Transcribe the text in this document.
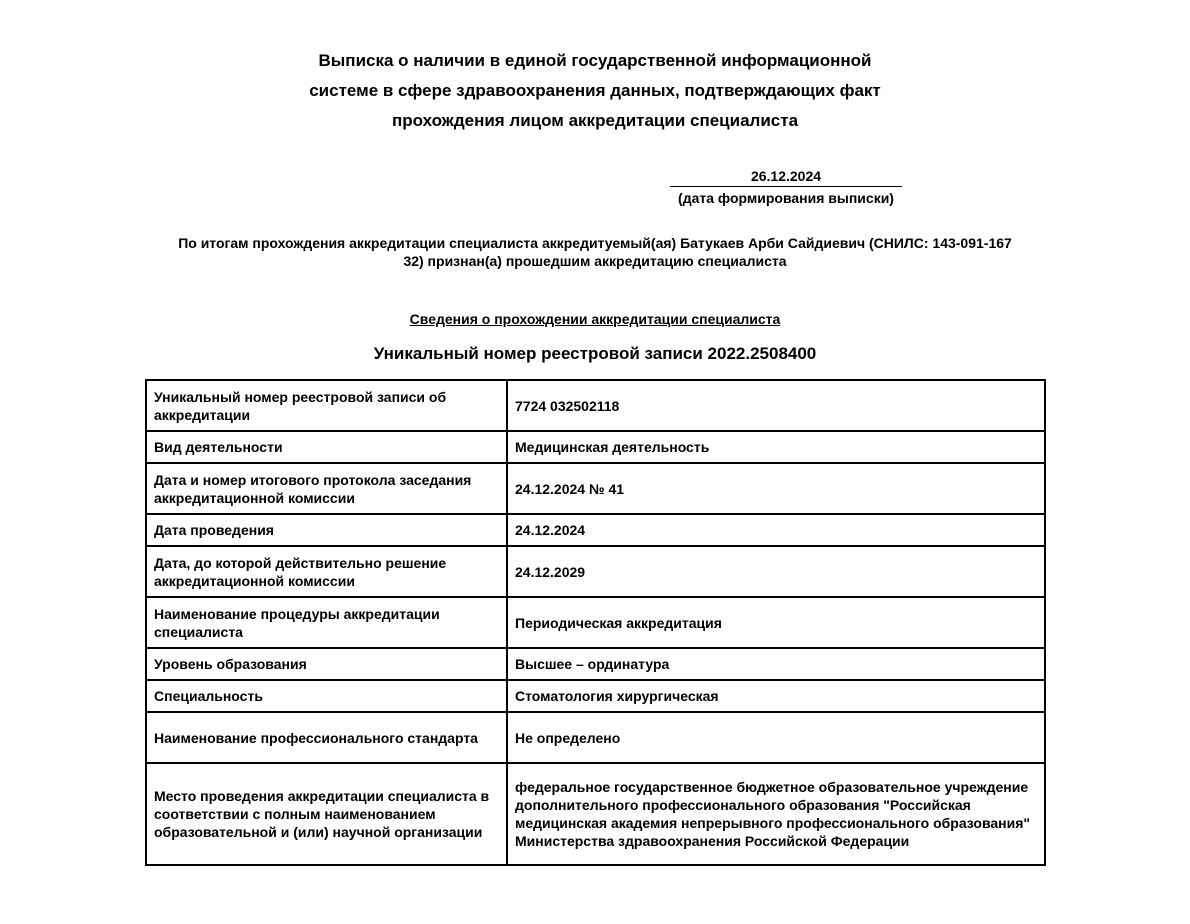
Выписка о наличии в единой государственной информационной
системе в сфере здравоохранения данных, подтверждающих факт
прохождения лицом аккредитации специалиста
26.12.2024
(дата формирования выписки)
По итогам прохождения аккредитации специалиста аккредитуемый(ая) Батукаев Арби Сайдиевич (СНИЛС: 143-091-167
32) признан(а) прошедшим аккредитацию специалиста
Сведения о прохождении аккредитации специалиста
Уникальный номер реестровой записи 2022.2508400
Уникальный номер реестровой записи об аккредитации	7724 032502118
Вид деятельности	Медицинская деятельность
Дата и номер итогового протокола заседания аккредитационной комиссии	24.12.2024 № 41
Дата проведения	24.12.2024
Дата, до которой действительно решение аккредитационной комиссии	24.12.2029
Наименование процедуры аккредитации специалиста	Периодическая аккредитация
Уровень образования	Высшее – ординатура
Специальность	Стоматология хирургическая
Наименование профессионального стандарта	Не определено
Место проведения аккредитации специалиста в соответствии с полным наименованием образовательной и (или) научной организации	федеральное государственное бюджетное образовательное учреждение дополнительного профессионального образования "Российская медицинская академия непрерывного профессионального образования" Министерства здравоохранения Российской Федерации
